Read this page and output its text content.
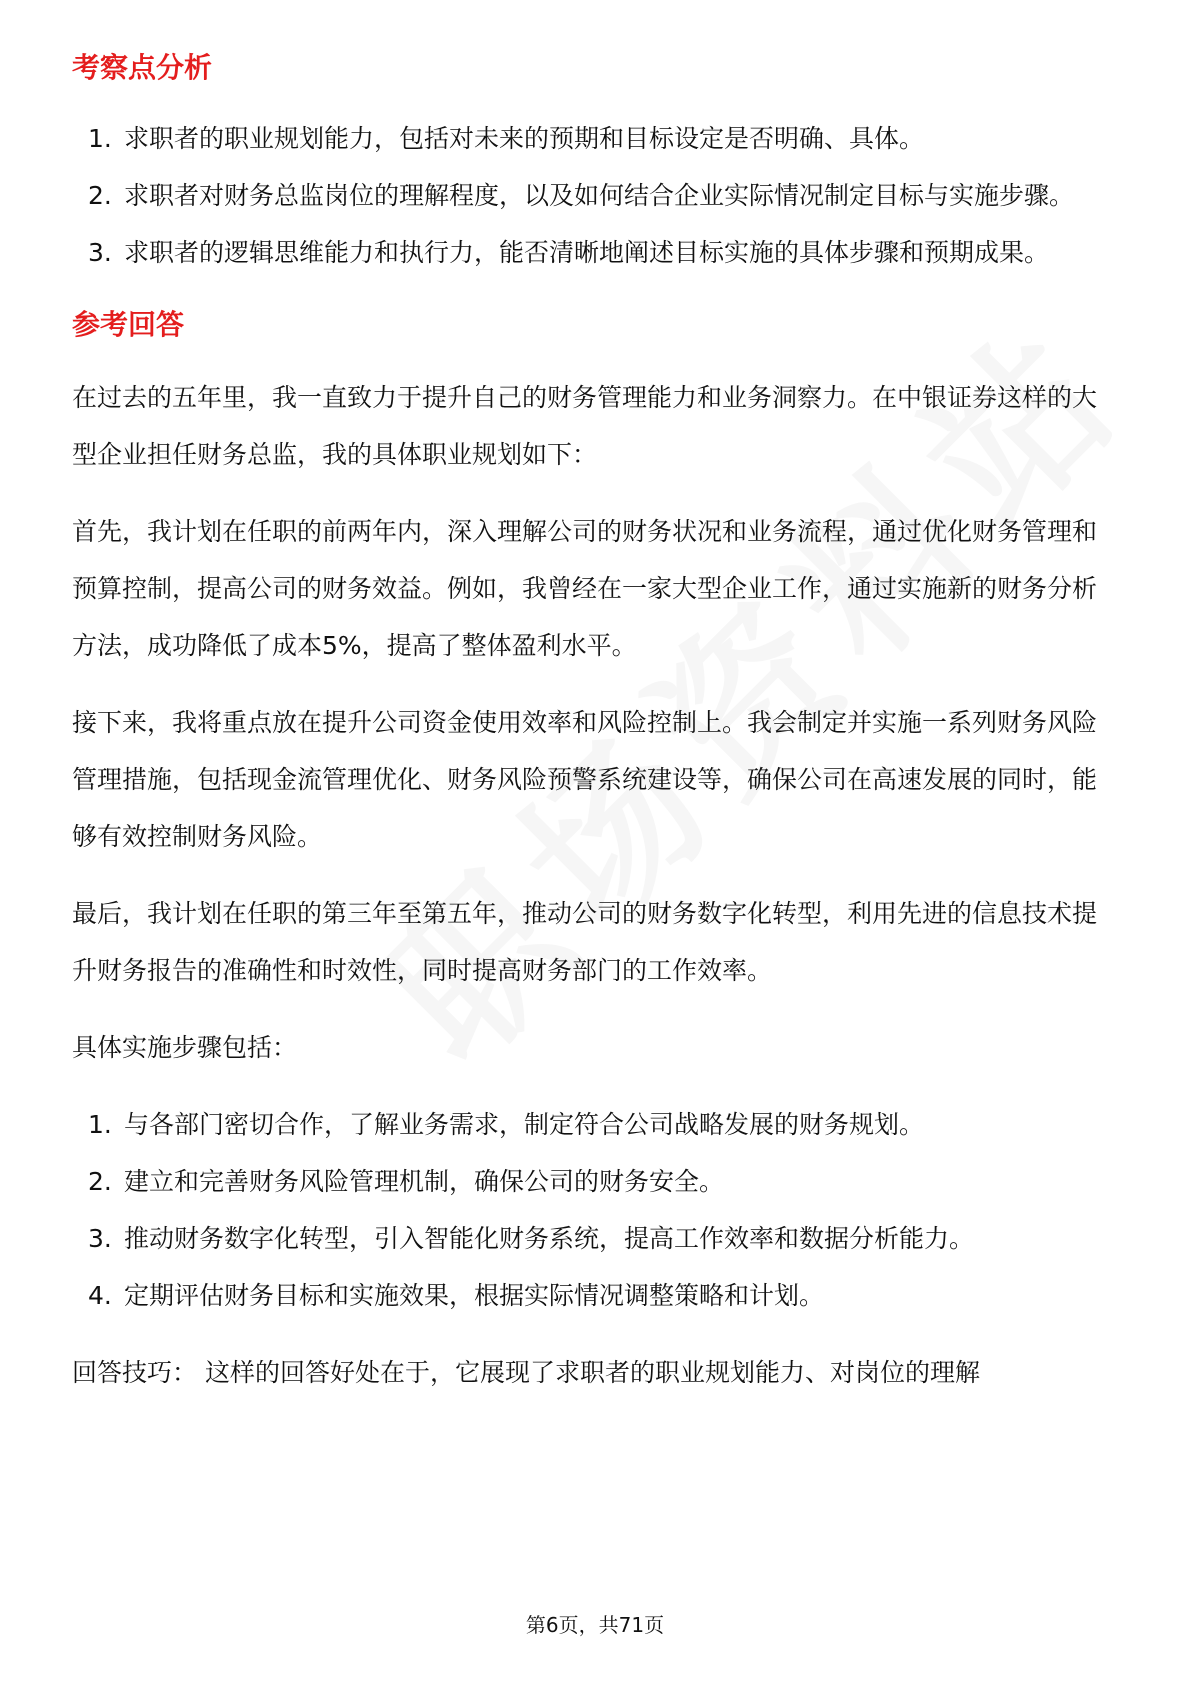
考察点分析
1. 求职者的职业规划能力，包括对未来的预期和目标设定是否明确、具体。
2. 求职者对财务总监岗位的理解程度，以及如何结合企业实际情况制定目标与实施步骤。
3. 求职者的逻辑思维能力和执行力，能否清晰地阐述目标实施的具体步骤和预期成果。
参考回答

在过去的五年里，我一直致力于提升自己的财务管理能力和业务洞察力。在中银证券这样的大型企业担任财务总监，我的具体职业规划如下：

首先，我计划在任职的前两年内，深入理解公司的财务状况和业务流程，通过优化财务管理和预算控制，提高公司的财务效益。例如，我曾经在一家大型企业工作，通过实施新的财务分析方法，成功降低了成本5%，提高了整体盈利水平。

接下来，我将重点放在提升公司资金使用效率和风险控制上。我会制定并实施一系列财务风险管理措施，包括现金流管理优化、财务风险预警系统建设等，确保公司在高速发展的同时，能够有效控制财务风险。

最后，我计划在任职的第三年至第五年，推动公司的财务数字化转型，利用先进的信息技术提升财务报告的准确性和时效性，同时提高财务部门的工作效率。

具体实施步骤包括：

1. 与各部门密切合作，了解业务需求，制定符合公司战略发展的财务规划。
2. 建立和完善财务风险管理机制，确保公司的财务安全。
3. 推动财务数字化转型，引入智能化财务系统，提高工作效率和数据分析能力。
4. 定期评估财务目标和实施效果，根据实际情况调整策略和计划。

回答技巧： 这样的回答好处在于，它展现了求职者的职业规划能力、对岗位的理解

第6页，共71页
